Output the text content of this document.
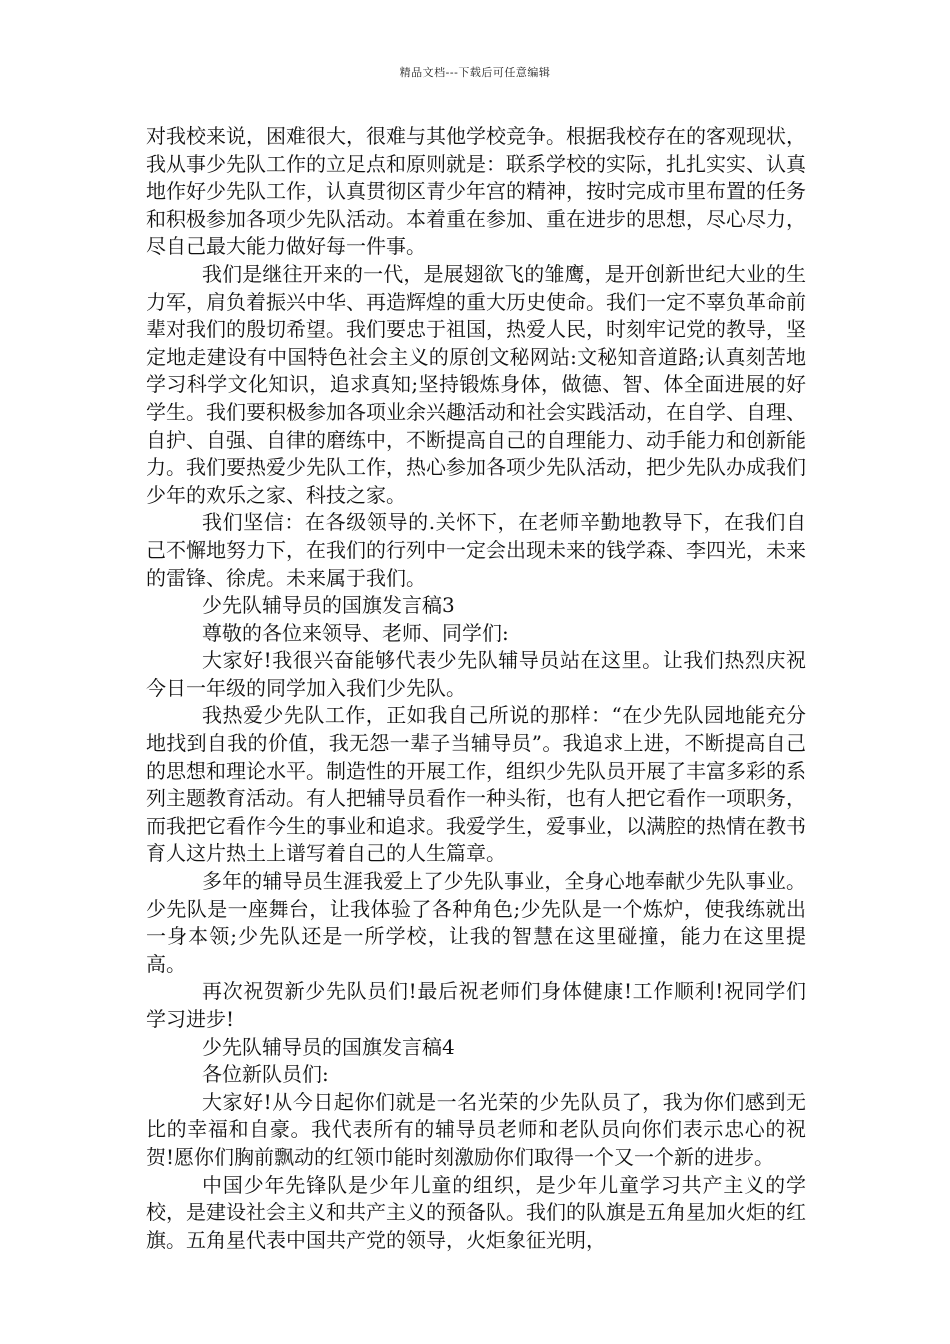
精品文档---下载后可任意编辑

对我校来说，困难很大，很难与其他学校竞争。根据我校存在的客观现状，我从事少先队工作的立足点和原则就是：联系学校的实际，扎扎实实、认真地作好少先队工作，认真贯彻区青少年宫的精神，按时完成市里布置的任务和积极参加各项少先队活动。本着重在参加、重在进步的思想，尽心尽力，尽自己最大能力做好每一件事。

我们是继往开来的一代，是展翅欲飞的雏鹰，是开创新世纪大业的生力军，肩负着振兴中华、再造辉煌的重大历史使命。我们一定不辜负革命前辈对我们的殷切希望。我们要忠于祖国，热爱人民，时刻牢记党的教导，坚定地走建设有中国特色社会主义的原创文秘网站:文秘知音道路;认真刻苦地学习科学文化知识，追求真知;坚持锻炼身体，做德、智、体全面进展的好学生。我们要积极参加各项业余兴趣活动和社会实践活动，在自学、自理、自护、自强、自律的磨练中，不断提高自己的自理能力、动手能力和创新能力。我们要热爱少先队工作，热心参加各项少先队活动，把少先队办成我们少年的欢乐之家、科技之家。

我们坚信：在各级领导的.关怀下，在老师辛勤地教导下，在我们自己不懈地努力下，在我们的行列中一定会出现未来的钱学森、李四光，未来的雷锋、徐虎。未来属于我们。

少先队辅导员的国旗发言稿3

尊敬的各位来领导、老师、同学们:

大家好!我很兴奋能够代表少先队辅导员站在这里。让我们热烈庆祝今日一年级的同学加入我们少先队。

我热爱少先队工作，正如我自己所说的那样：“在少先队园地能充分地找到自我的价值，我无怨一辈子当辅导员”。我追求上进，不断提高自己的思想和理论水平。制造性的开展工作，组织少先队员开展了丰富多彩的系列主题教育活动。有人把辅导员看作一种头衔，也有人把它看作一项职务，而我把它看作今生的事业和追求。我爱学生，爱事业，以满腔的热情在教书育人这片热土上谱写着自己的人生篇章。

多年的辅导员生涯我爱上了少先队事业，全身心地奉献少先队事业。少先队是一座舞台，让我体验了各种角色;少先队是一个炼炉，使我练就出一身本领;少先队还是一所学校，让我的智慧在这里碰撞，能力在这里提高。

再次祝贺新少先队员们!最后祝老师们身体健康!工作顺利!祝同学们学习进步!

少先队辅导员的国旗发言稿4

各位新队员们:

大家好!从今日起你们就是一名光荣的少先队员了，我为你们感到无比的幸福和自豪。我代表所有的辅导员老师和老队员向你们表示忠心的祝贺!愿你们胸前飘动的红领巾能时刻激励你们取得一个又一个新的进步。

中国少年先锋队是少年儿童的组织，是少年儿童学习共产主义的学校，是建设社会主义和共产主义的预备队。我们的队旗是五角星加火炬的红旗。五角星代表中国共产党的领导，火炬象征光明，
